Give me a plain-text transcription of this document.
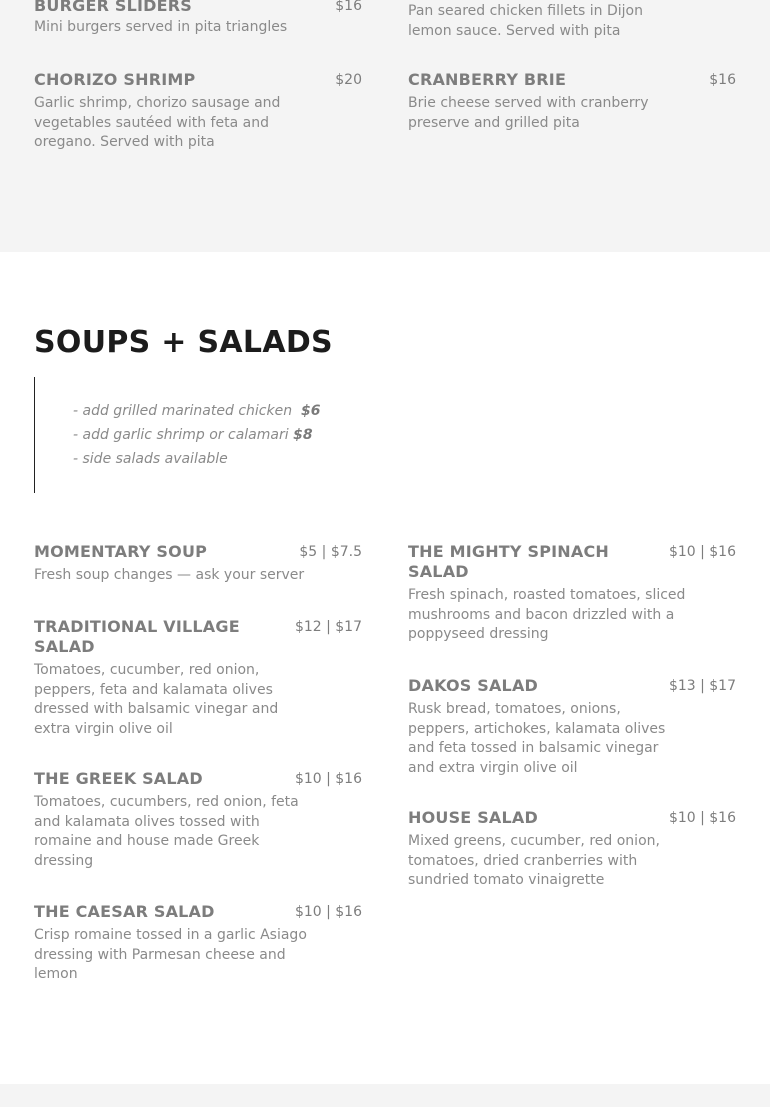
BURGER SLIDERS	$16
Mini burgers served in pita triangles
CHORIZO SHRIMP	$20
Garlic shrimp, chorizo sausage and vegetables sautéed with feta and oregano. Served with pita
Pan seared chicken fillets in Dijon lemon sauce. Served with pita
CRANBERRY BRIE	$16
Brie cheese served with cranberry preserve and grilled pita
SOUPS + SALADS
- add grilled marinated chicken $6
- add garlic shrimp or calamari $8
- side salads available
MOMENTARY SOUP	$5 | $7.5
Fresh soup changes — ask your server
TRADITIONAL VILLAGE SALAD
$12 | $17
Tomatoes, cucumber, red onion, peppers, feta and kalamata olives dressed with balsamic vinegar and extra virgin olive oil
THE GREEK SALAD	$10 | $16
Tomatoes, cucumbers, red onion, feta and kalamata olives tossed with romaine and house made Greek dressing
THE CAESAR SALAD	$10 | $16
Crisp romaine tossed in a garlic Asiago dressing with Parmesan cheese and lemon
THE MIGHTY SPINACH SALAD
$10 | $16
Fresh spinach, roasted tomatoes, sliced mushrooms and bacon drizzled with a poppyseed dressing
DAKOS SALAD	$13 | $17
Rusk bread, tomatoes, onions, peppers, artichokes, kalamata olives and feta tossed in balsamic vinegar and extra virgin olive oil
HOUSE SALAD	$10 | $16
Mixed greens, cucumber, red onion, tomatoes, dried cranberries with sundried tomato vinaigrette
